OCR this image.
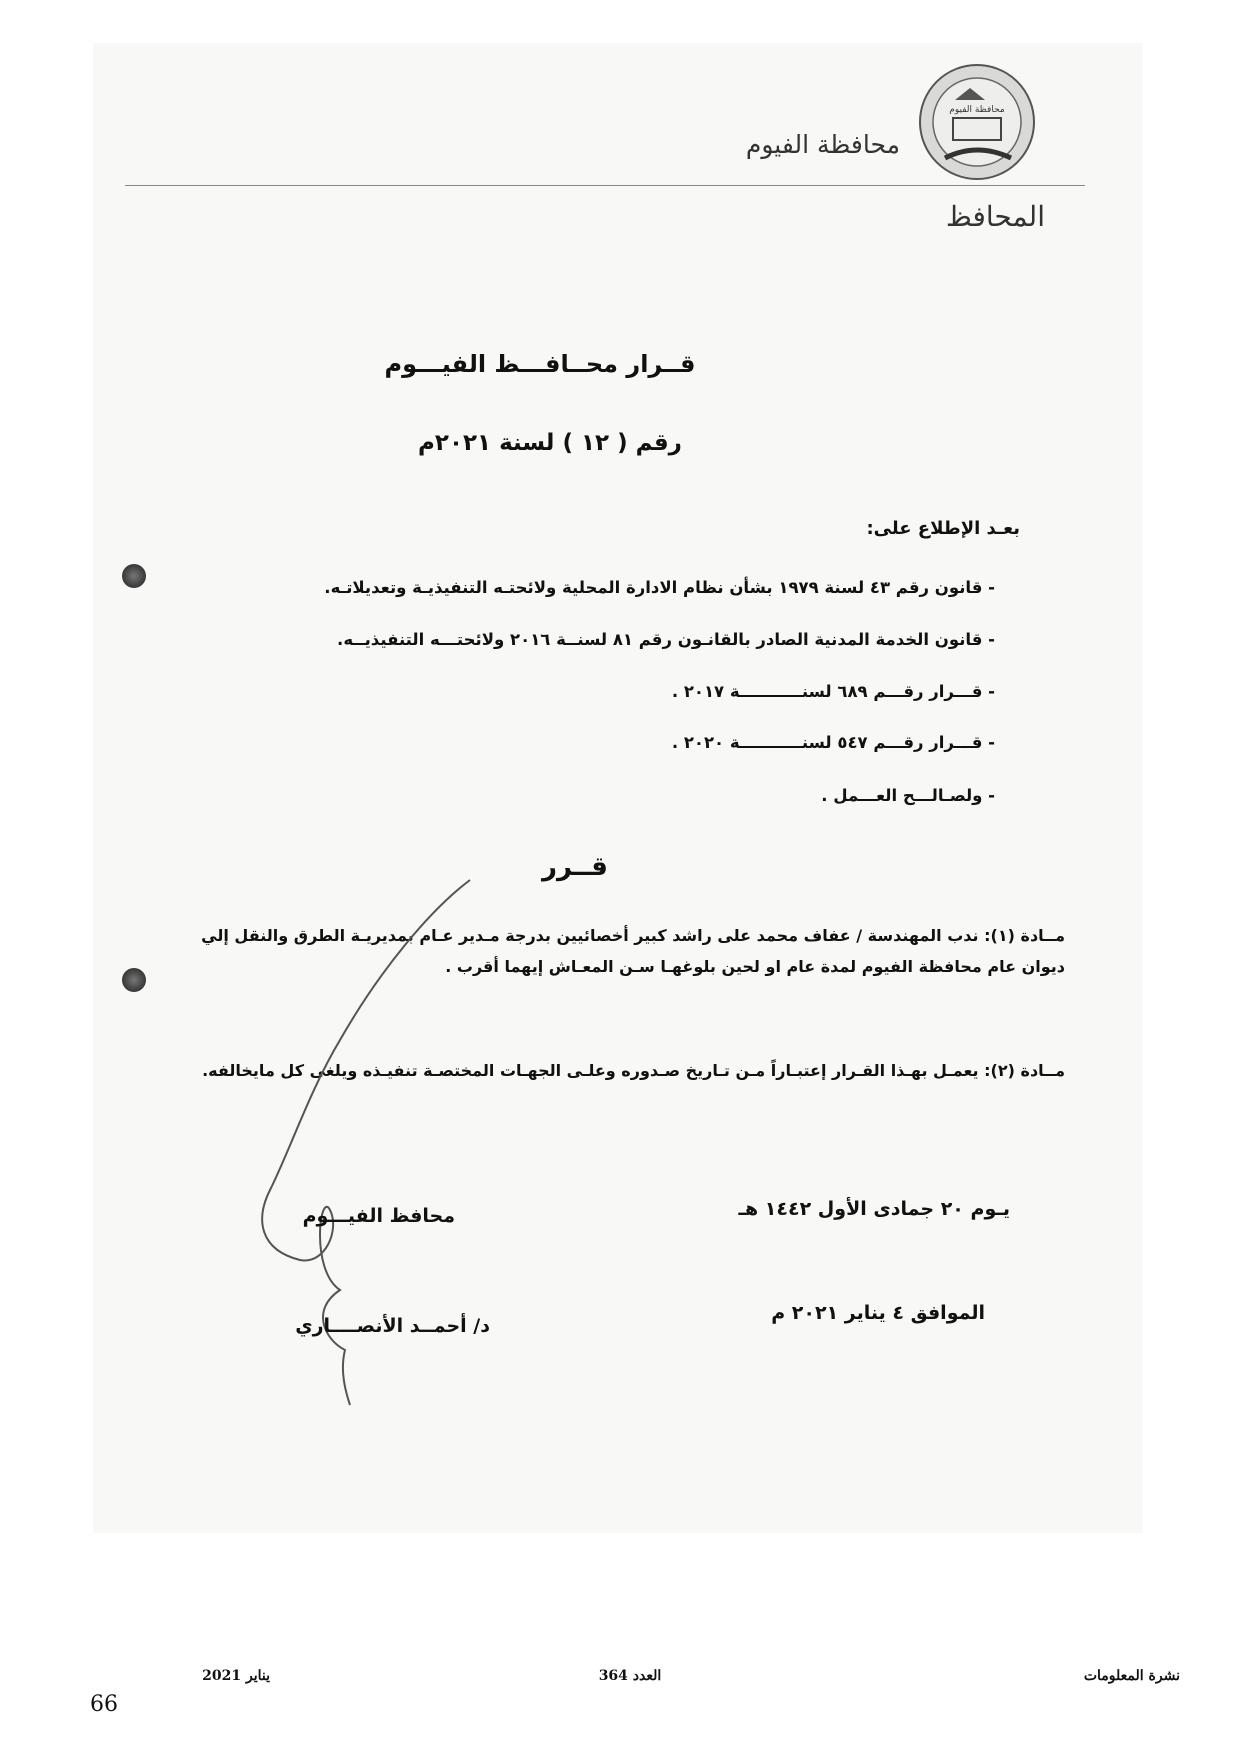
محافظة الفيوم
محافظة الفيوم
المحافظ
قــرار محــافـــظ الفيـــوم
رقم ( ١٢ ) لسنة ٢٠٢١م
بعـد الإطلاع على:
- قانون رقم ٤٣ لسنة ١٩٧٩ بشأن نظام الادارة المحلية ولائحتـه التنفيذيـة وتعديلاتـه.
- قانون الخدمة المدنية الصادر بالقانـون رقم ٨١ لسنــة ٢٠١٦ ولائحتـــه التنفيذيــه.
- قـــرار رقـــم ٦٨٩ لسنـــــــــــة ٢٠١٧ .
- قـــرار رقـــم ٥٤٧ لسنـــــــــــة ٢٠٢٠ .
- ولصـالـــح العـــمل .
قــرر
مــادة (١): ندب المهندسة / عفاف محمد على راشد كبير أخصائيين بدرجة مـدير عـام بمديريـة الطرق والنقل إلي ديوان عام محافظة الفيوم لمدة عام او لحين بلوغهـا سـن المعـاش إيهما أقرب .
مــادة (٢): يعمـل بهـذا القـرار إعتبـاراً مـن تـاريخ صـدوره وعلـى الجهـات المختصـة تنفيـذه ويلغى كل مايخالفه.
يـوم ٢٠ جمادى الأول ١٤٤٢ هـ
الموافق ٤ يناير ٢٠٢١ م
محافظ الفيـــوم
د/ أحمــد الأنصــــاري
نشرة المعلومات
العدد 364
يناير 2021
66
